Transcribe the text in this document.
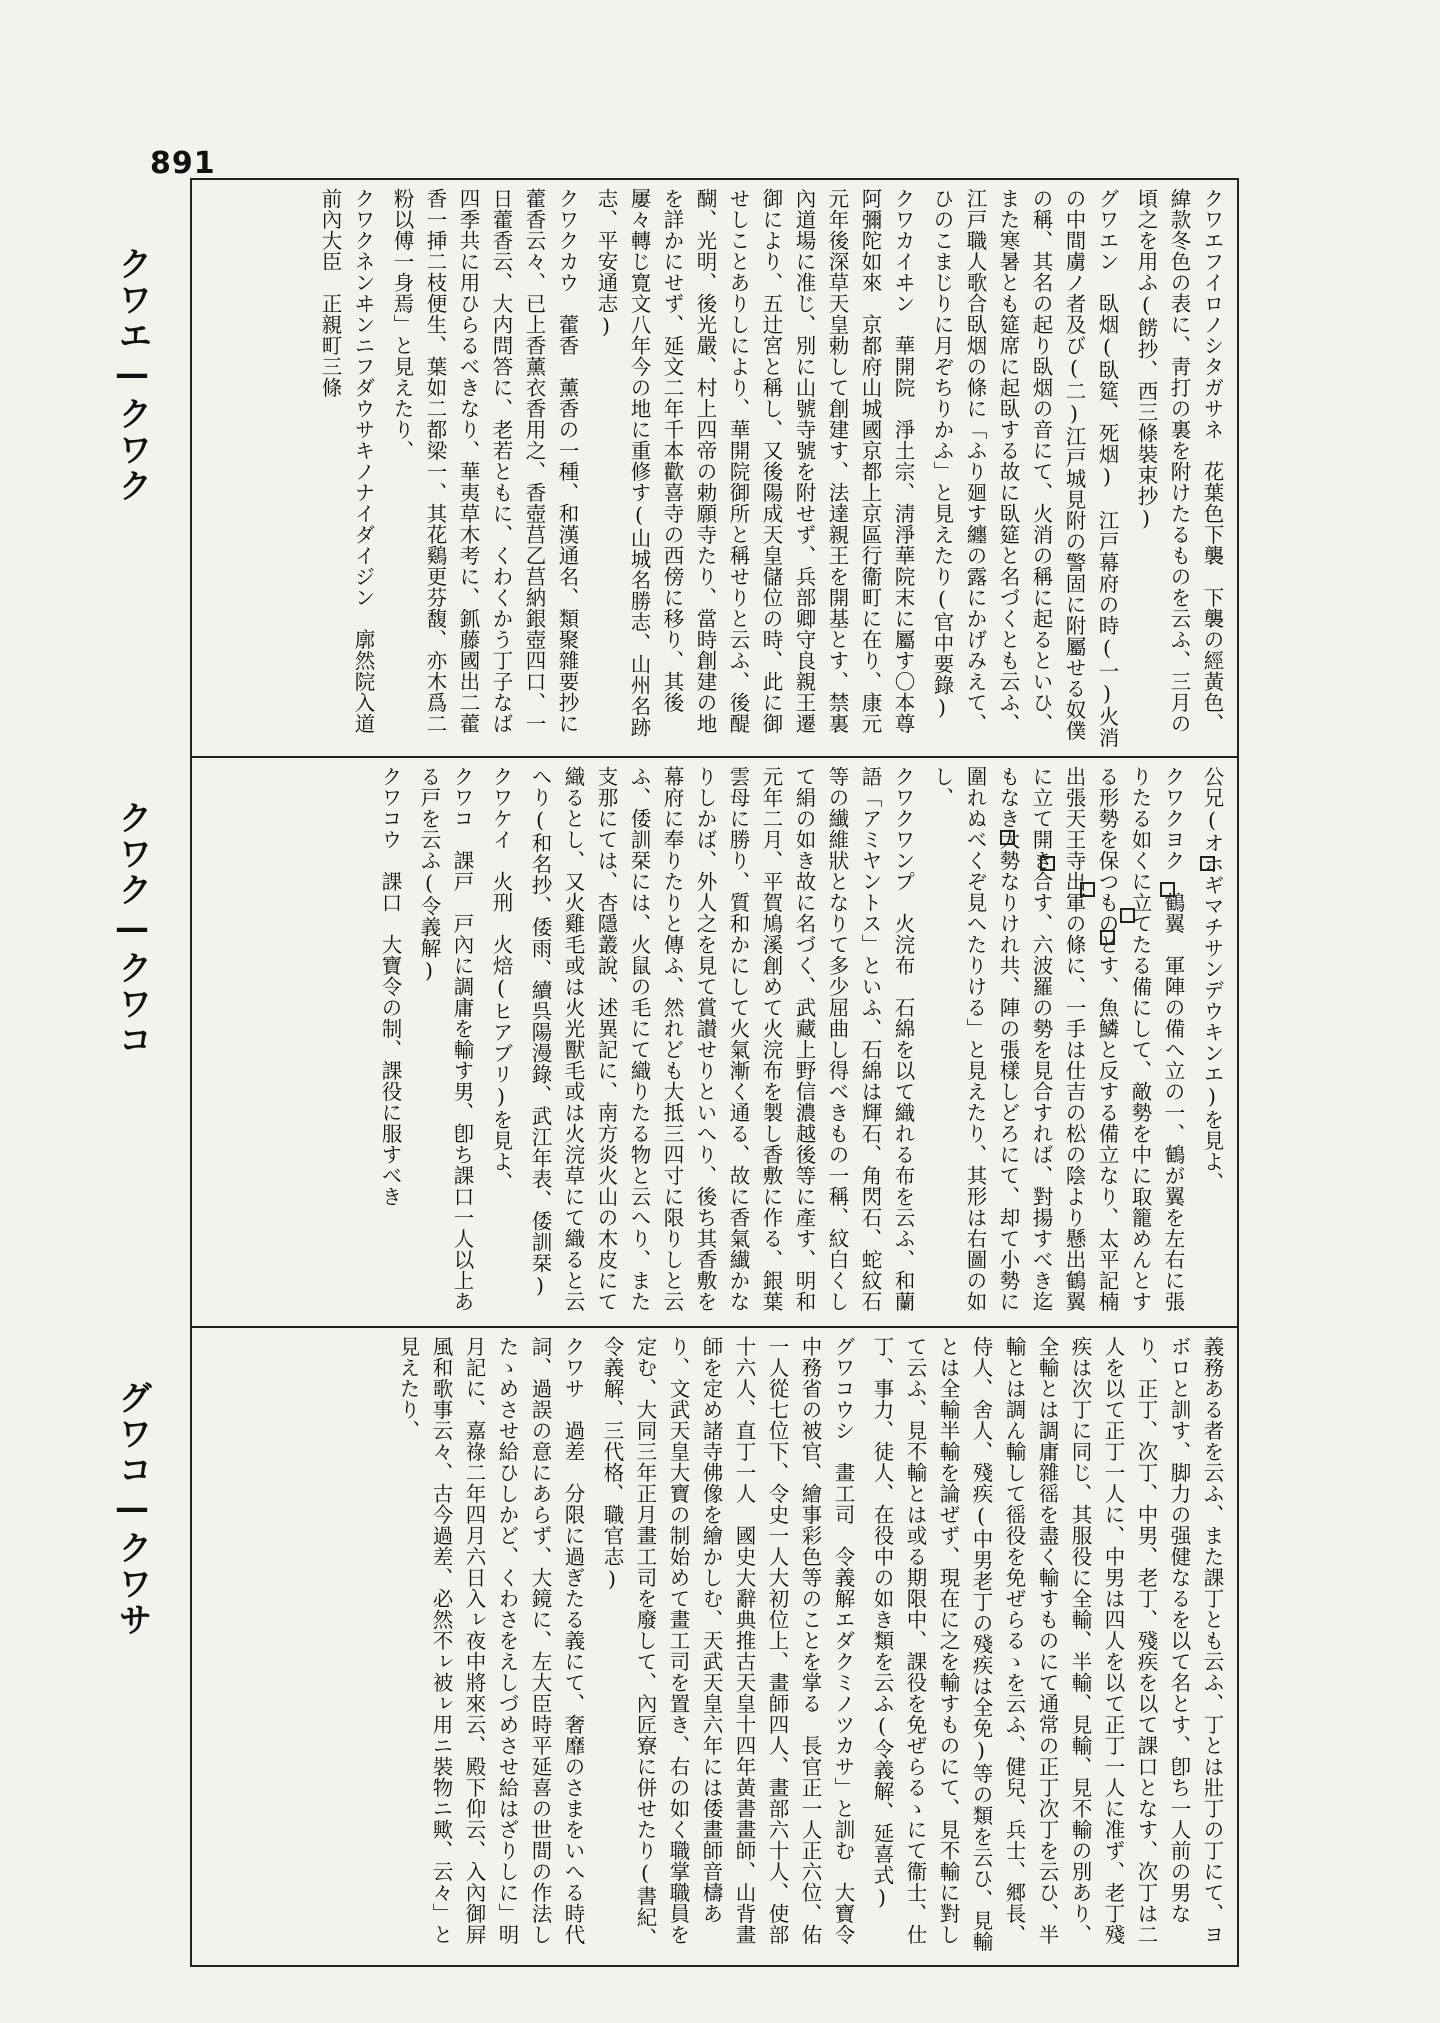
891
クワエ—クワク
クワク—クワコ
グワコ—クワサ

クワエフイロノシタガサネ　花葉色下襲　下襲の經黃色、緯款冬色の表に、靑打の裏を附けたるものを云ふ、三月の頃之を用ふ(餝抄、西三條裝束抄)

グワエン　臥烟(臥筵、死烟)　江戸幕府の時(一)火消の中間虜ノ者及び(二)江戸城見附の警固に附屬せる奴僕の稱、其名の起り臥烟の音にて、火消の稱に起るといひ、また寒暑とも筵席に起臥する故に臥筵と名づくとも云ふ、江戸職人歌合臥烟の條に「ふり廻す纏の露にかげみえて、ひのこまじりに月ぞちりかふ」と見えたり(官中要錄)

クワカイヰン　華開院　淨土宗、淸淨華院末に屬す〇本尊阿彌陀如來　京都府山城國京都上京區行衞町に在り、康元元年後深草天皇勅して創建す、法達親王を開基とす、禁裏內道場に准じ、別に山號寺號を附せず、兵部卿守良親王遷御により、五辻宮と稱し、又後陽成天皇儲位の時、此に御せしことありしにより、華開院御所と稱せりと云ふ、後醍醐、光明、後光嚴、村上四帝の勅願寺たり、當時創建の地を詳かにせず、延文二年千本歡喜寺の西傍に移り、其後屢々轉じ寛文八年今の地に重修す(山城名勝志、山州名跡志、平安通志)

クワクカウ　藿香　薰香の一種、和漢通名、類聚雜要抄に藿香云々、已上香薰衣香用之、香壺莒乙莒納銀壺四口、一日藿香云、大内問答に、老若ともに、くわくかう丁子なば四季共に用ひらるべきなり、華夷草木考に、釽藤國出二藿香一挿二枝便生、葉如二都梁一、其花鷄更芬馥、亦木爲二粉以傅一身焉」と見えたり、

クワクネンヰンニフダウサキノナイダイジン　廓然院入道前內大臣　正親町三條

公兄(オホギマチサンデウキンエ)を見よ、

クワクヨク　鶴翼　軍陣の備へ立の一、鶴が翼を左右に張りたる如くに立てたる備にして、敵勢を中に取籠めんとする形勢を保つものとす、魚鱗と反する備立なり、太平記楠出張天王寺出軍の條に、一手は仕吉の松の陰より懸出鶴翼に立て開き合す、六波羅の勢を見合すれば、對揚すべき迄もなき大勢なりけれ共、陣の張樣しどろにて、却て小勢に圍れぬべくぞ見へたりける」と見えたり、其形は右圖の如し、

クワクワンプ　火浣布　石綿を以て織れる布を云ふ、和蘭語「アミヤントス」といふ、石綿は輝石、角閃石、蛇紋石等の纎維狀となりて多少屈曲し得べきもの一稱、紋白くして絹の如き故に名づく、武藏上野信濃越後等に產す、明和元年二月、平賀鳩溪創めて火浣布を製し香敷に作る、銀葉雲母に勝り、質和かにして火氣漸く通る、故に香氣纎かなりしかば、外人之を見て賞讃せりといへり、後ち其香敷を幕府に奉りたりと傳ふ、然れども大抵三四寸に限りしと云ふ、倭訓栞には、火鼠の毛にて織りたる物と云へり、また支那にては、杏隱叢說、述異記に、南方炎火山の木皮にて織るとし、又火雞毛或は火光獸毛或は火浣草にて織ると云へり(和名抄、倭雨、續呉陽漫錄、武江年表、倭訓栞)

クワケイ　火刑　火焙(ヒアブリ)を見よ、

クワコ　課戸　戸內に調庸を輸す男、卽ち課口一人以上ある戸を云ふ(令義解)

クワコウ　課口　大寶令の制、課役に服すべき

義務ある者を云ふ、また課丁とも云ふ、丁とは壯丁の丁にて、ヨボロと訓す、脚力の强健なるを以て名とす、卽ち一人前の男なり、正丁、次丁、中男、老丁、殘疾を以て課口となす、次丁は二人を以て正丁一人に、中男は四人を以て正丁一人に准ず、老丁殘疾は次丁に同じ、其服役に全輸、半輸、見輸、見不輸の別あり、全輸とは調庸雜徭を盡く輸すものにて通常の正丁次丁を云ひ、半輸とは調ん輸して徭役を免ぜらるゝを云ふ、健兒、兵士、郷長、侍人、舍人、殘疾(中男老丁の殘疾は全免)等の類を云ひ、見輸とは全輸半輸を論ぜず、現在に之を輸すものにて、見不輸に對して云ふ、見不輸とは或る期限中、課役を免ぜらるゝにて衞士、仕丁、事力、徒人、在役中の如き類を云ふ(令義解、延喜式)

グワコウシ　畫工司　令義解エダクミノツカサ」と訓む　大寶令中務省の被官、繪事彩色等のことを掌る　長官正一人正六位、佑一人從七位下、令史一人大初位上、畫師四人、畫部六十人、使部十六人、直丁一人　國史大辭典推古天皇十四年黃書畫師、山背畫師を定め諸寺佛像を繪かしむ、天武天皇六年には倭畫師音檮あり、文武天皇大寶の制始めて畫工司を置き、右の如く職掌職員を定む、大同三年正月畫工司を廢して、內匠寮に併せたり(書紀、令義解、三代格、職官志)

クワサ　過差　分限に過ぎたる義にて、奢靡のさまをいへる時代詞、過誤の意にあらず、大鏡に、左大臣時平延喜の世間の作法したゝめさせ給ひしかど、くわさをえしづめさせ給はざりしに」明月記に、嘉祿二年四月六日入ㇾ夜中將來云、殿下仰云、入內御屛風和歌事云々、古今過差、必然不ㇾ被ㇾ用ニ裝物ニ歟、云々」と見えたり、
